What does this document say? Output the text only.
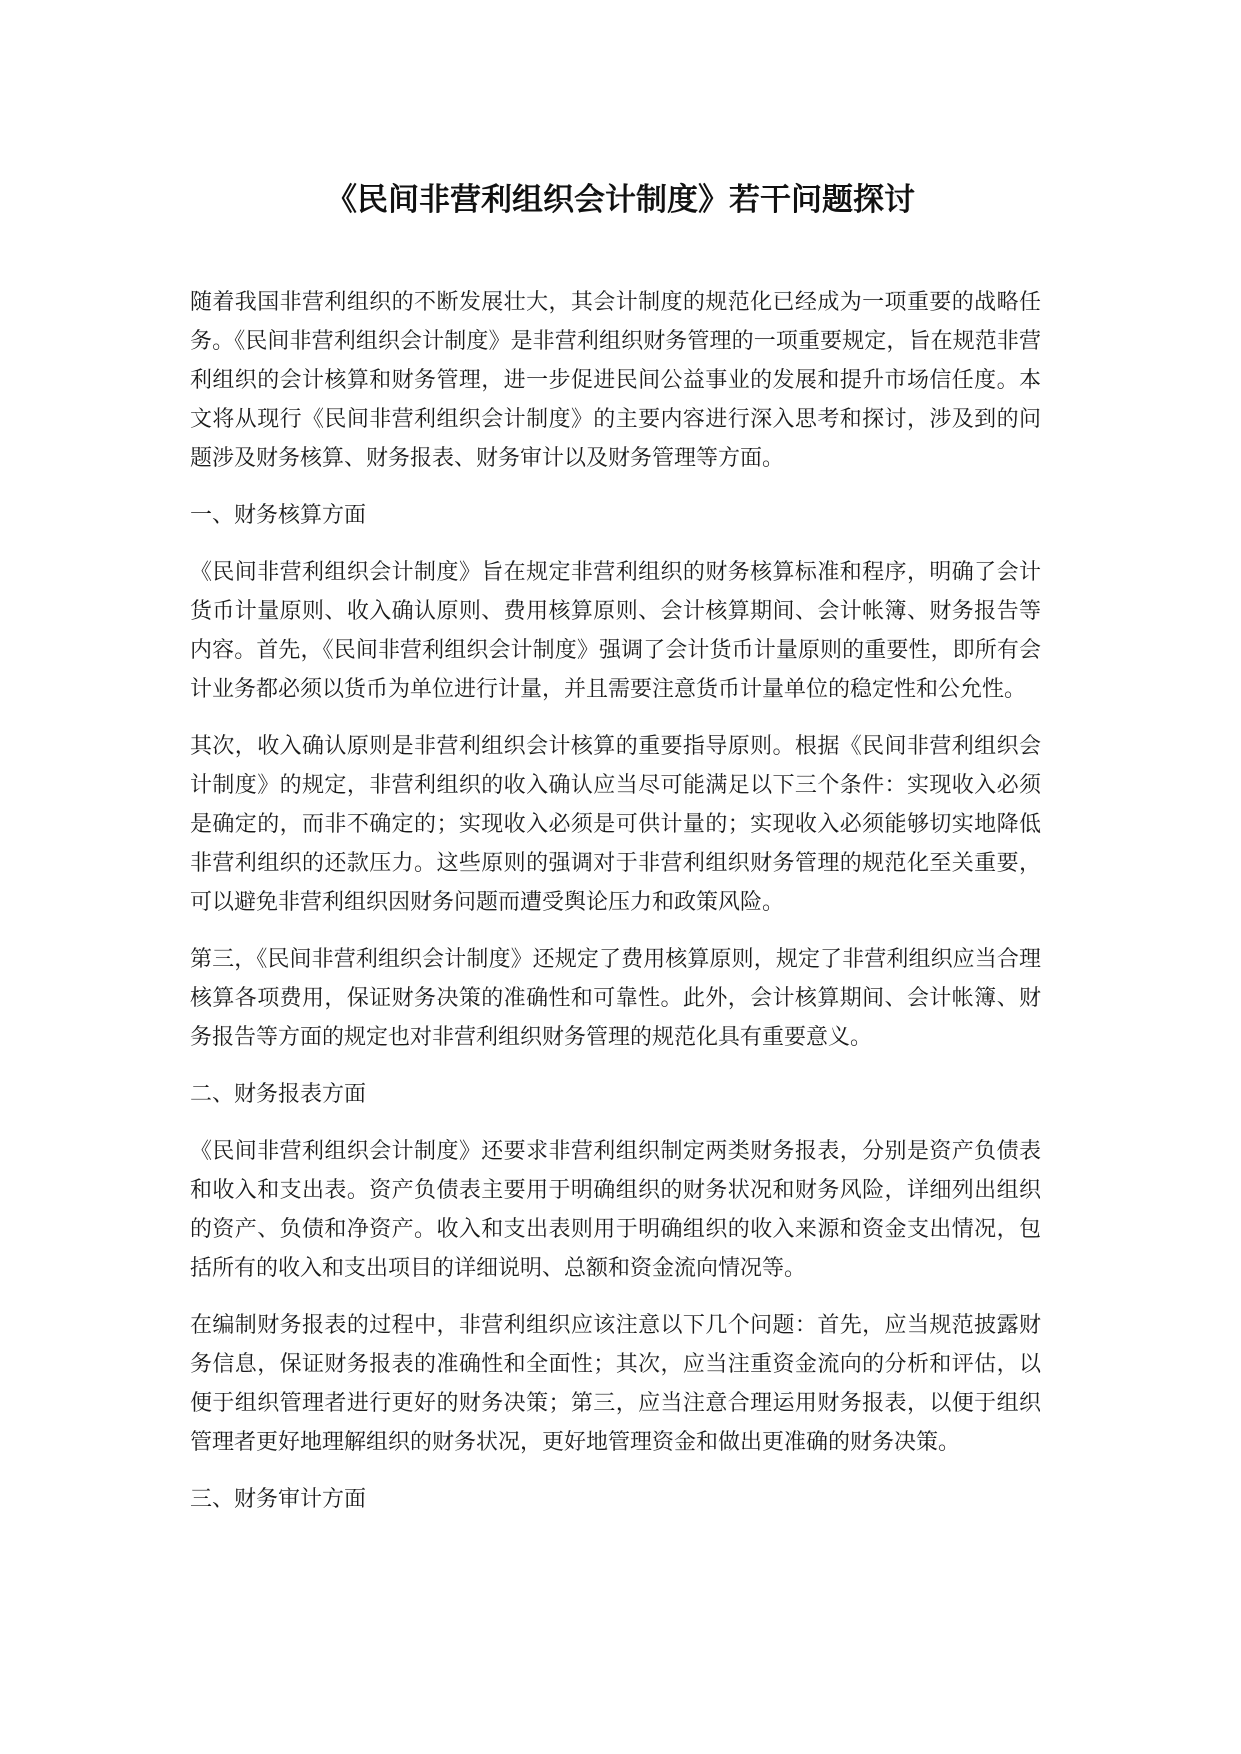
《民间非营利组织会计制度》若干问题探讨

随着我国非营利组织的不断发展壮大，其会计制度的规范化已经成为一项重要的战略任务。《民间非营利组织会计制度》是非营利组织财务管理的一项重要规定，旨在规范非营利组织的会计核算和财务管理，进一步促进民间公益事业的发展和提升市场信任度。本文将从现行《民间非营利组织会计制度》的主要内容进行深入思考和探讨，涉及到的问题涉及财务核算、财务报表、财务审计以及财务管理等方面。

一、财务核算方面

《民间非营利组织会计制度》旨在规定非营利组织的财务核算标准和程序，明确了会计货币计量原则、收入确认原则、费用核算原则、会计核算期间、会计帐簿、财务报告等内容。首先，《民间非营利组织会计制度》强调了会计货币计量原则的重要性，即所有会计业务都必须以货币为单位进行计量，并且需要注意货币计量单位的稳定性和公允性。

其次，收入确认原则是非营利组织会计核算的重要指导原则。根据《民间非营利组织会计制度》的规定，非营利组织的收入确认应当尽可能满足以下三个条件：实现收入必须是确定的，而非不确定的；实现收入必须是可供计量的；实现收入必须能够切实地降低非营利组织的还款压力。这些原则的强调对于非营利组织财务管理的规范化至关重要，可以避免非营利组织因财务问题而遭受舆论压力和政策风险。

第三，《民间非营利组织会计制度》还规定了费用核算原则，规定了非营利组织应当合理核算各项费用，保证财务决策的准确性和可靠性。此外，会计核算期间、会计帐簿、财务报告等方面的规定也对非营利组织财务管理的规范化具有重要意义。

二、财务报表方面

《民间非营利组织会计制度》还要求非营利组织制定两类财务报表，分别是资产负债表和收入和支出表。资产负债表主要用于明确组织的财务状况和财务风险，详细列出组织的资产、负债和净资产。收入和支出表则用于明确组织的收入来源和资金支出情况，包括所有的收入和支出项目的详细说明、总额和资金流向情况等。

在编制财务报表的过程中，非营利组织应该注意以下几个问题：首先，应当规范披露财务信息，保证财务报表的准确性和全面性；其次，应当注重资金流向的分析和评估，以便于组织管理者进行更好的财务决策；第三，应当注意合理运用财务报表，以便于组织管理者更好地理解组织的财务状况，更好地管理资金和做出更准确的财务决策。

三、财务审计方面
